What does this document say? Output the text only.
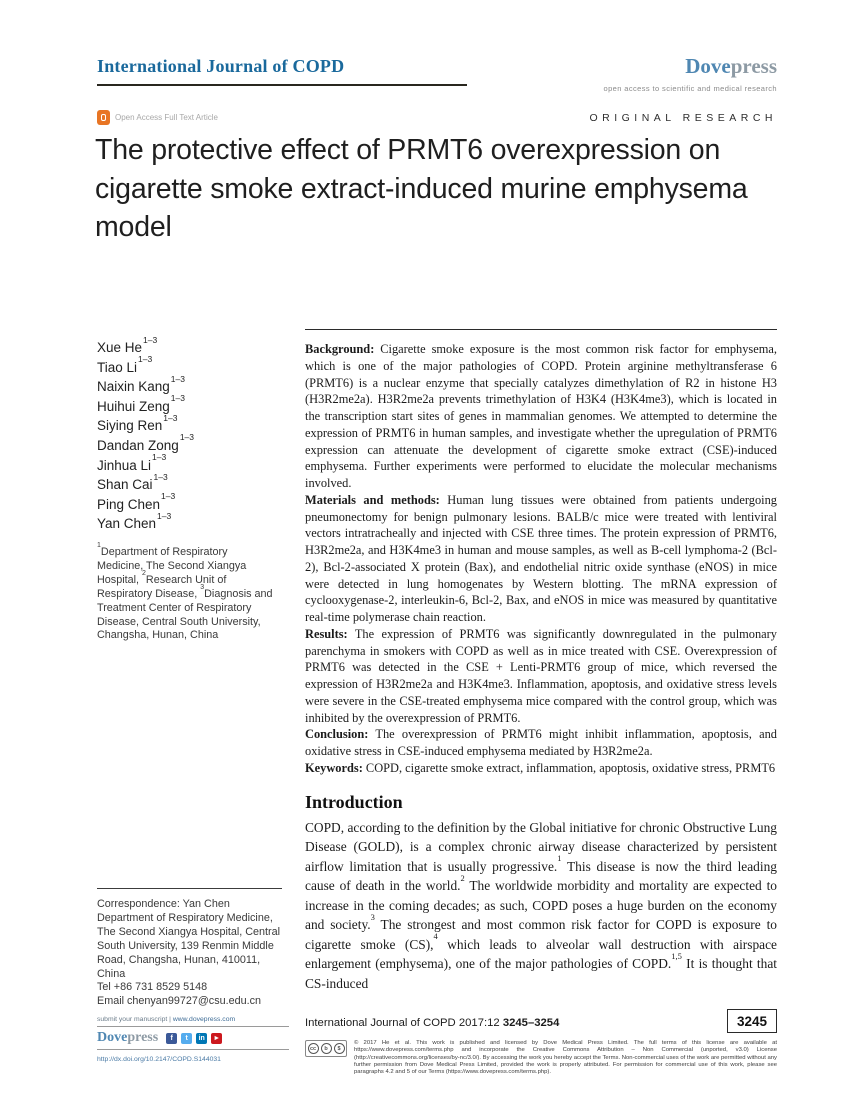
International Journal of COPD	Dovepress
open access to scientific and medical research
Open Access Full Text Article	ORIGINAL RESEARCH
The protective effect of PRMT6 overexpression on cigarette smoke extract-induced murine emphysema model
Xue He$^{1-3}$
Tiao Li$^{1-3}$
Naixin Kang$^{1-3}$
Huihui Zeng$^{1-3}$
Siying Ren$^{1-3}$
Dandan Zong$^{1-3}$
Jinhua Li$^{1-3}$
Shan Cai$^{1-3}$
Ping Chen$^{1-3}$
Yan Chen$^{1-3}$

$^1$Department of Respiratory Medicine, The Second Xiangya Hospital, $^2$Research Unit of Respiratory Disease, $^3$Diagnosis and Treatment Center of Respiratory Disease, Central South University, Changsha, Hunan, China

Correspondence: Yan Chen
Department of Respiratory Medicine, The Second Xiangya Hospital, Central South University, 139 Renmin Middle Road, Changsha, Hunan, 410011, China
Tel +86 731 8529 5148
Email chenyan99727@csu.edu.cn

Background: Cigarette smoke exposure is the most common risk factor for emphysema, which is one of the major pathologies of COPD. Protein arginine methyltransferase 6 (PRMT6) is a nuclear enzyme that specially catalyzes dimethylation of R2 in histone H3 (H3R2me2a). H3R2me2a prevents trimethylation of H3K4 (H3K4me3), which is located in the transcription start sites of genes in mammalian genomes. We attempted to determine the expression of PRMT6 in human samples, and investigate whether the upregulation of PRMT6 expression can attenuate the development of cigarette smoke extract (CSE)-induced emphysema. Further experiments were performed to elucidate the molecular mechanisms involved.

Materials and methods: Human lung tissues were obtained from patients undergoing pneumonectomy for benign pulmonary lesions. BALB/c mice were treated with lentiviral vectors intratracheally and injected with CSE three times. The protein expression of PRMT6, H3R2me2a, and H3K4me3 in human and mouse samples, as well as B-cell lymphoma-2 (Bcl-2), Bcl-2-associated X protein (Bax), and endothelial nitric oxide synthase (eNOS) in mice were detected in lung homogenates by Western blotting. The mRNA expression of cyclooxygenase-2, interleukin-6, Bcl-2, Bax, and eNOS in mice was measured by quantitative real-time polymerase chain reaction.

Results: The expression of PRMT6 was significantly downregulated in the pulmonary parenchyma in smokers with COPD as well as in mice treated with CSE. Overexpression of PRMT6 was detected in the CSE + Lenti-PRMT6 group of mice, which reversed the expression of H3R2me2a and H3K4me3. Inflammation, apoptosis, and oxidative stress levels were severe in the CSE-treated emphysema mice compared with the control group, which was inhibited by the overexpression of PRMT6.

Conclusion: The overexpression of PRMT6 might inhibit inflammation, apoptosis, and oxidative stress in CSE-induced emphysema mediated by H3R2me2a.

Keywords: COPD, cigarette smoke extract, inflammation, apoptosis, oxidative stress, PRMT6

Introduction

COPD, according to the definition by the Global initiative for chronic Obstructive Lung Disease (GOLD), is a complex chronic airway disease characterized by persistent airflow limitation that is usually progressive.$^1$ This disease is now the third leading cause of death in the world.$^2$ The worldwide morbidity and mortality are expected to increase in the coming decades; as such, COPD poses a huge burden on the economy and society.$^3$ The strongest and most common risk factor for COPD is exposure to cigarette smoke (CS),$^4$ which leads to alveolar wall destruction with airspace enlargement (emphysema), one of the major pathologies of COPD.$^{1,5}$ It is thought that CS-induced

submit your manuscript | www.dovepress.com
Dovepress	f	t	in	►
http://dx.doi.org/10.2147/COPD.S144031
International Journal of COPD 2017:12 3245–3254	3245
cc	b	$
© 2017 He et al. This work is published and licensed by Dove Medical Press Limited. The full terms of this license are available at https://www.dovepress.com/terms.php and incorporate the Creative Commons Attribution – Non Commercial (unported, v3.0) License (http://creativecommons.org/licenses/by-nc/3.0/). By accessing the work you hereby accept the Terms. Non-commercial uses of the work are permitted without any further permission from Dove Medical Press Limited, provided the work is properly attributed. For permission for commercial use of this work, please see paragraphs 4.2 and 5 of our Terms (https://www.dovepress.com/terms.php).
